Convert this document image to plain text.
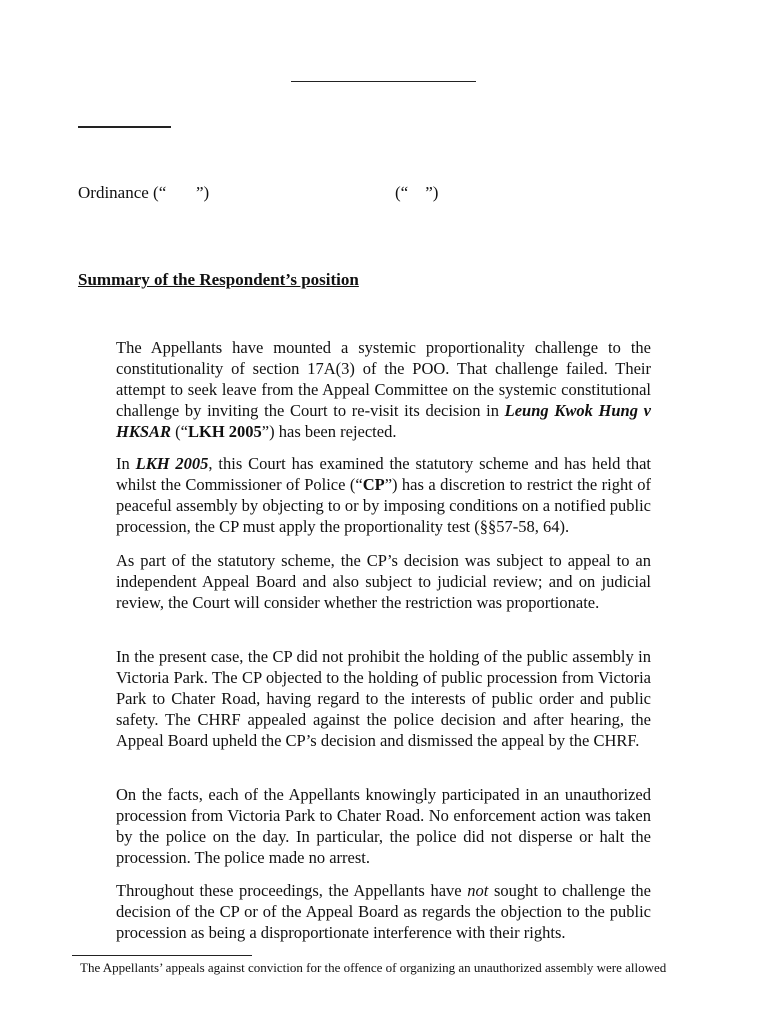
Ordinance (“       ”)	(“    ”)
Summary of the Respondent’s position
The Appellants have mounted a systemic proportionality challenge to the constitutionality of section 17A(3) of the POO. That challenge failed. Their attempt to seek leave from the Appeal Committee on the systemic constitutional challenge by inviting the Court to re-visit its decision in Leung Kwok Hung v HKSAR (“LKH 2005”) has been rejected.
In LKH 2005, this Court has examined the statutory scheme and has held that whilst the Commissioner of Police (“CP”) has a discretion to restrict the right of peaceful assembly by objecting to or by imposing conditions on a notified public procession, the CP must apply the proportionality test (§§57-58, 64).
As part of the statutory scheme, the CP’s decision was subject to appeal to an independent Appeal Board and also subject to judicial review; and on judicial review, the Court will consider whether the restriction was proportionate.
In the present case, the CP did not prohibit the holding of the public assembly in Victoria Park. The CP objected to the holding of public procession from Victoria Park to Chater Road, having regard to the interests of public order and public safety. The CHRF appealed against the police decision and after hearing, the Appeal Board upheld the CP’s decision and dismissed the appeal by the CHRF.
On the facts, each of the Appellants knowingly participated in an unauthorized procession from Victoria Park to Chater Road. No enforcement action was taken by the police on the day. In particular, the police did not disperse or halt the procession. The police made no arrest.
Throughout these proceedings, the Appellants have not sought to challenge the decision of the CP or of the Appeal Board as regards the objection to the public procession as being a disproportionate interference with their rights.
The Appellants’ appeals against conviction for the offence of organizing an unauthorized assembly were allowed
